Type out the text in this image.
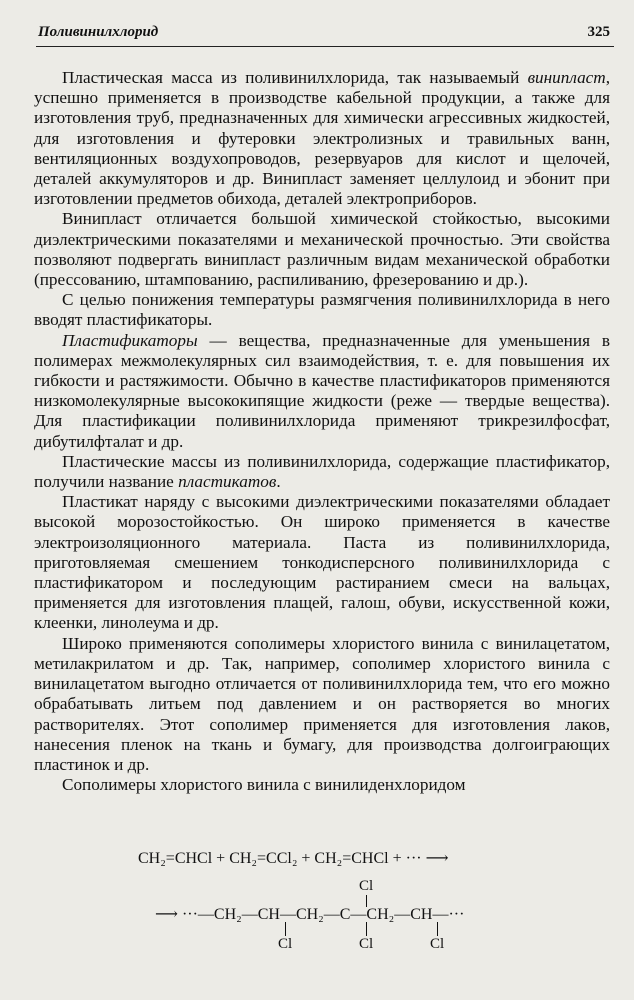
Поливинилхлорид	325

Пластическая масса из поливинилхлорида, так называемый винипласт, успешно применяется в производстве кабельной продукции, а также для изготовления труб, предназначенных для химически агрессивных жидкостей, для изготовления и футеровки электролизных и травильных ванн, вентиляционных воздухопроводов, резервуаров для кислот и щелочей, деталей аккумуляторов и др. Винипласт заменяет целлулоид и эбонит при изготовлении предметов обихода, деталей электроприборов.

Винипласт отличается большой химической стойкостью, высокими диэлектрическими показателями и механической прочностью. Эти свойства позволяют подвергать винипласт различным видам механической обработки (прессованию, штампованию, распиливанию, фрезерованию и др.).

С целью понижения температуры размягчения поливинилхлорида в него вводят пластификаторы.

Пластификаторы — вещества, предназначенные для уменьшения в полимерах межмолекулярных сил взаимодействия, т. е. для повышения их гибкости и растяжимости. Обычно в качестве пластификаторов применяются низкомолекулярные высококипящие жидкости (реже — твердые вещества). Для пластификации поливинилхлорида применяют трикрезилфосфат, дибутилфталат и др.

Пластические массы из поливинилхлорида, содержащие пластификатор, получили название пластикатов.

Пластикат наряду с высокими диэлектрическими показателями обладает высокой морозостойкостью. Он широко применяется в качестве электроизоляционного материала. Паста из поливинилхлорида, приготовляемая смешением тонкодисперсного поливинилхлорида с пластификатором и последующим растиранием смеси на вальцах, применяется для изготовления плащей, галош, обуви, искусственной кожи, клеенки, линолеума и др.

Широко применяются сополимеры хлористого винила с винилацетатом, метилакрилатом и др. Так, например, сополимер хлористого винила с винилацетатом выгодно отличается от поливинилхлорида тем, что его можно обрабатывать литьем под давлением и он растворяется во многих растворителях. Этот сополимер применяется для изготовления лаков, нанесения пленок на ткань и бумагу, для производства долгоиграющих пластинок и др.

Сополимеры хлористого винила с винилиденхлоридом

CH₂=CHCl + CH₂=CCl₂ + CH₂=CHCl + ··· ⟶
Cl
⟶ ···—CH₂—CH—CH₂—C—CH₂—CH—···
Cl	Cl	Cl
